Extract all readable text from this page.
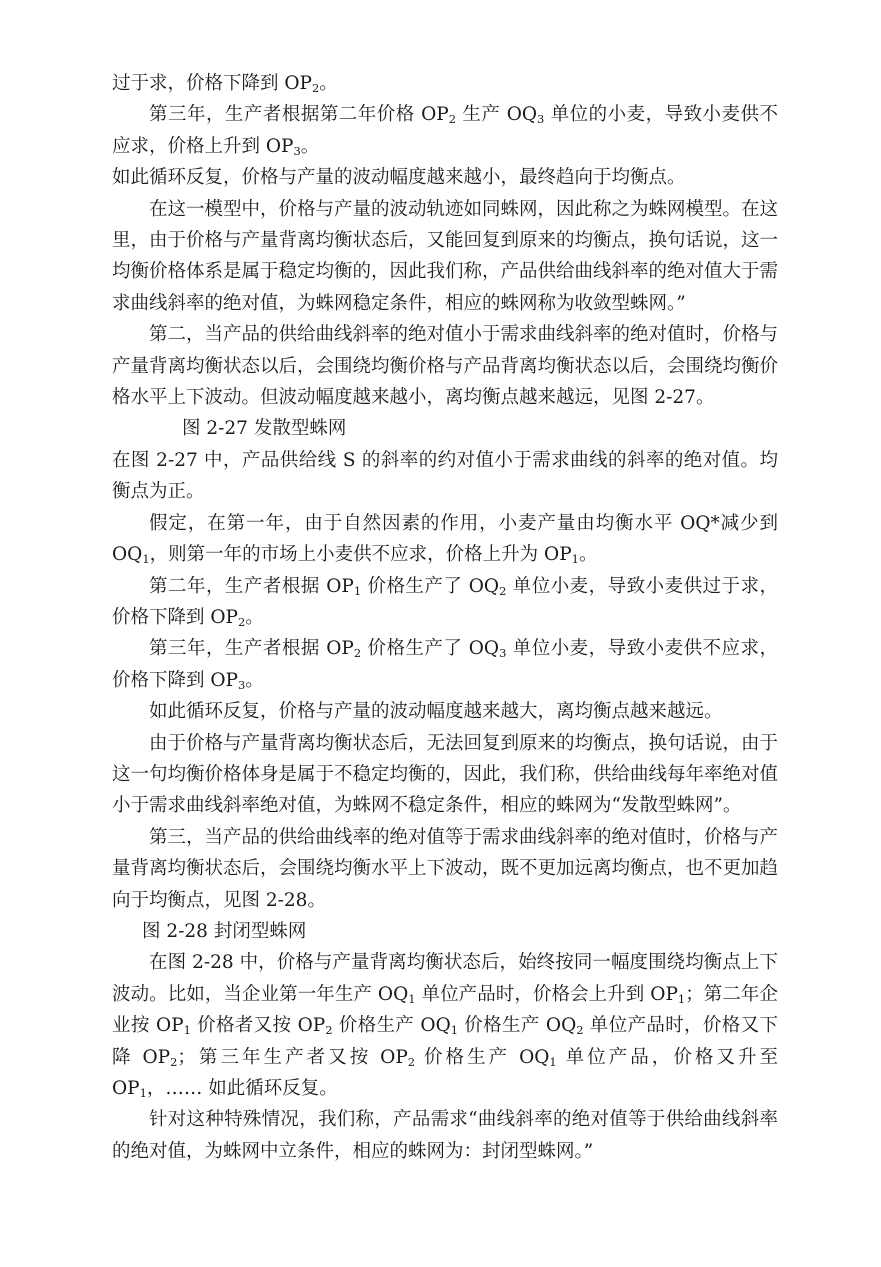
过于求，价格下降到 $OP_2$。

第三年，生产者根据第二年价格 $OP_2$ 生产 $OQ_3$ 单位的小麦，导致小麦供不应求，价格上升到 $OP_3$。

如此循环反复，价格与产量的波动幅度越来越小，最终趋向于均衡点。

在这一模型中，价格与产量的波动轨迹如同蛛网，因此称之为蛛网模型。在这里，由于价格与产量背离均衡状态后，又能回复到原来的均衡点，换句话说，这一均衡价格体系是属于稳定均衡的，因此我们称，产品供给曲线斜率的绝对值大于需求曲线斜率的绝对值，为蛛网稳定条件，相应的蛛网称为收敛型蛛网。”

第二，当产品的供给曲线斜率的绝对值小于需求曲线斜率的绝对值时，价格与产量背离均衡状态以后，会围绕均衡价格与产品背离均衡状态以后，会围绕均衡价格水平上下波动。但波动幅度越来越小，离均衡点越来越远，见图 2-27。

图 2-27 发散型蛛网

在图 2-27 中，产品供给线 S 的斜率的约对值小于需求曲线的斜率的绝对值。均衡点为正。

假定，在第一年，由于自然因素的作用，小麦产量由均衡水平 OQ*减少到 $OQ_1$，则第一年的市场上小麦供不应求，价格上升为 $OP_1$。

第二年，生产者根据 $OP_1$ 价格生产了 $OQ_2$ 单位小麦，导致小麦供过于求，价格下降到 $OP_2$。

第三年，生产者根据 $OP_2$ 价格生产了 $OQ_3$ 单位小麦，导致小麦供不应求，价格下降到 $OP_3$。

如此循环反复，价格与产量的波动幅度越来越大，离均衡点越来越远。

由于价格与产量背离均衡状态后，无法回复到原来的均衡点，换句话说，由于这一句均衡价格体身是属于不稳定均衡的，因此，我们称，供给曲线每年率绝对值小于需求曲线斜率绝对值，为蛛网不稳定条件，相应的蛛网为“发散型蛛网”。

第三，当产品的供给曲线率的绝对值等于需求曲线斜率的绝对值时，价格与产量背离均衡状态后，会围绕均衡水平上下波动，既不更加远离均衡点，也不更加趋向于均衡点，见图 2-28。

图 2-28 封闭型蛛网

在图 2-28 中，价格与产量背离均衡状态后，始终按同一幅度围绕均衡点上下波动。比如，当企业第一年生产 $OQ_1$ 单位产品时，价格会上升到 $OP_1$；第二年企业按 $OP_1$ 价格者又按 $OP_2$ 价格生产 $OQ_1$ 价格生产 $OQ_2$ 单位产品时，价格又下降 $OP_2$；第三年生产者又按 $OP_2$ 价格生产 $OQ_1$ 单位产品，价格又升至 $OP_1$，…… 如此循环反复。

针对这种特殊情况，我们称，产品需求“曲线斜率的绝对值等于供给曲线斜率的绝对值，为蛛网中立条件，相应的蛛网为：封闭型蛛网。”
